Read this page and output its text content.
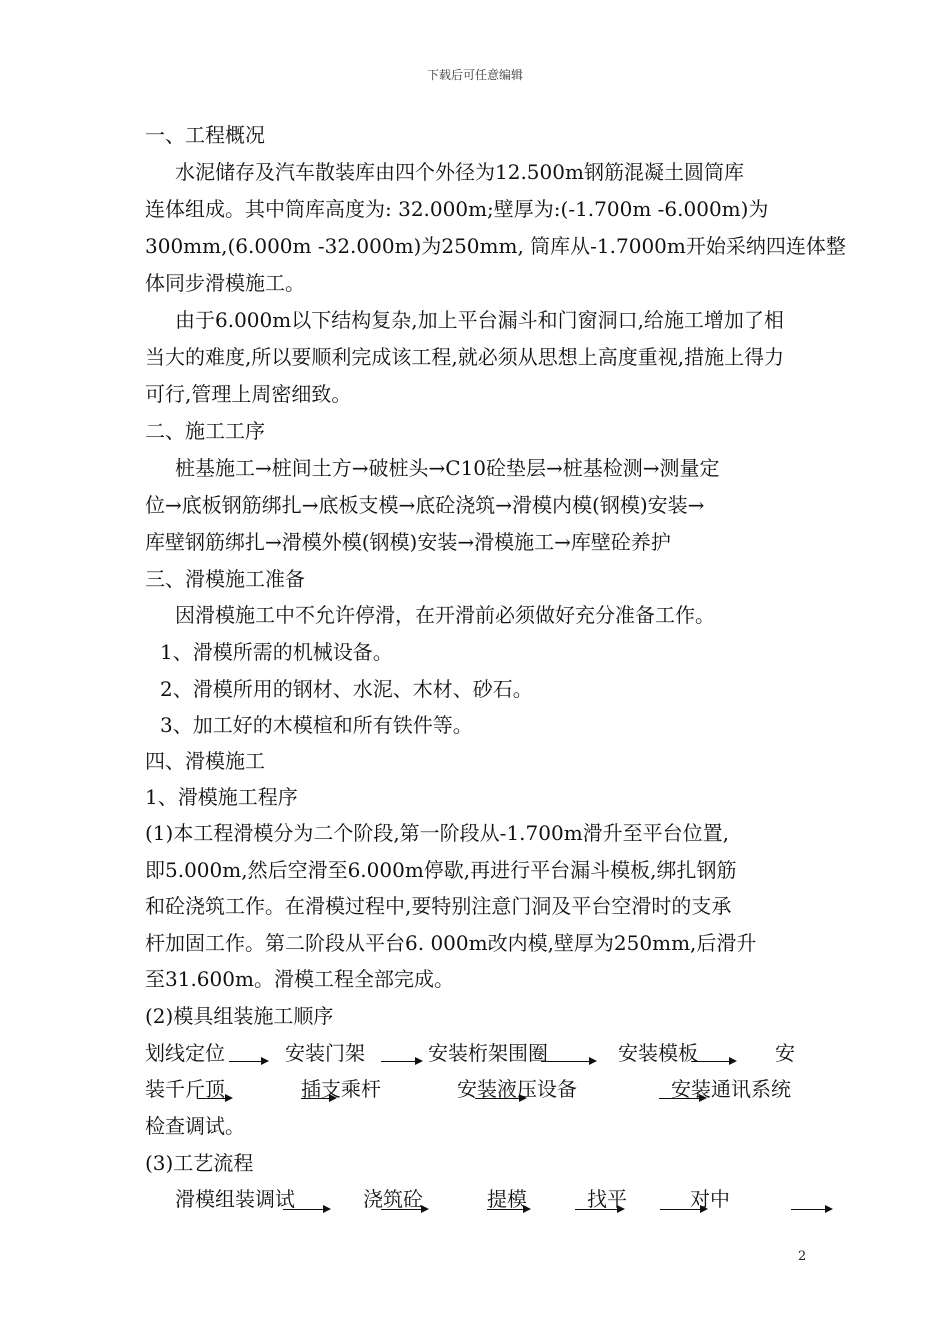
下载后可任意编辑
一、工程概况
水泥储存及汽车散装库由四个外径为12.500m钢筋混凝土圆筒库
连体组成。其中筒库高度为: 32.000m;壁厚为:(-1.700m -6.000m)为
300mm,(6.000m -32.000m)为250mm, 筒库从-1.7000m开始采纳四连体整
体同步滑模施工。
由于6.000m以下结构复杂,加上平台漏斗和门窗洞口,给施工增加了相
当大的难度,所以要顺利完成该工程,就必须从思想上高度重视,措施上得力
可行,管理上周密细致。
二、施工工序
桩基施工→桩间土方→破桩头→C10砼垫层→桩基检测→测量定
位→底板钢筋绑扎→底板支模→底砼浇筑→滑模内模(钢模)安装→
库壁钢筋绑扎→滑模外模(钢模)安装→滑模施工→库壁砼养护
三、滑模施工准备
因滑模施工中不允许停滑，在开滑前必须做好充分准备工作。
1、滑模所需的机械设备。
2、滑模所用的钢材、水泥、木材、砂石。
3、加工好的木模楦和所有铁件等。
四、滑模施工
1、滑模施工程序
(1)本工程滑模分为二个阶段,第一阶段从-1.700m滑升至平台位置,
即5.000m,然后空滑至6.000m停歇,再进行平台漏斗模板,绑扎钢筋
和砼浇筑工作。在滑模过程中,要特别注意门洞及平台空滑时的支承
杆加固工作。第二阶段从平台6. 000m改内模,壁厚为250mm,后滑升
至31.600m。滑模工程全部完成。
(2)模具组装施工顺序
划线定位	安装门架	安装桁架围圈	安装模板	安
装千斤顶	插支乘杆	安装液压设备	安装通讯系统
检查调试。
(3)工艺流程
滑模组装调试	浇筑砼	提模	找平	对中
2
